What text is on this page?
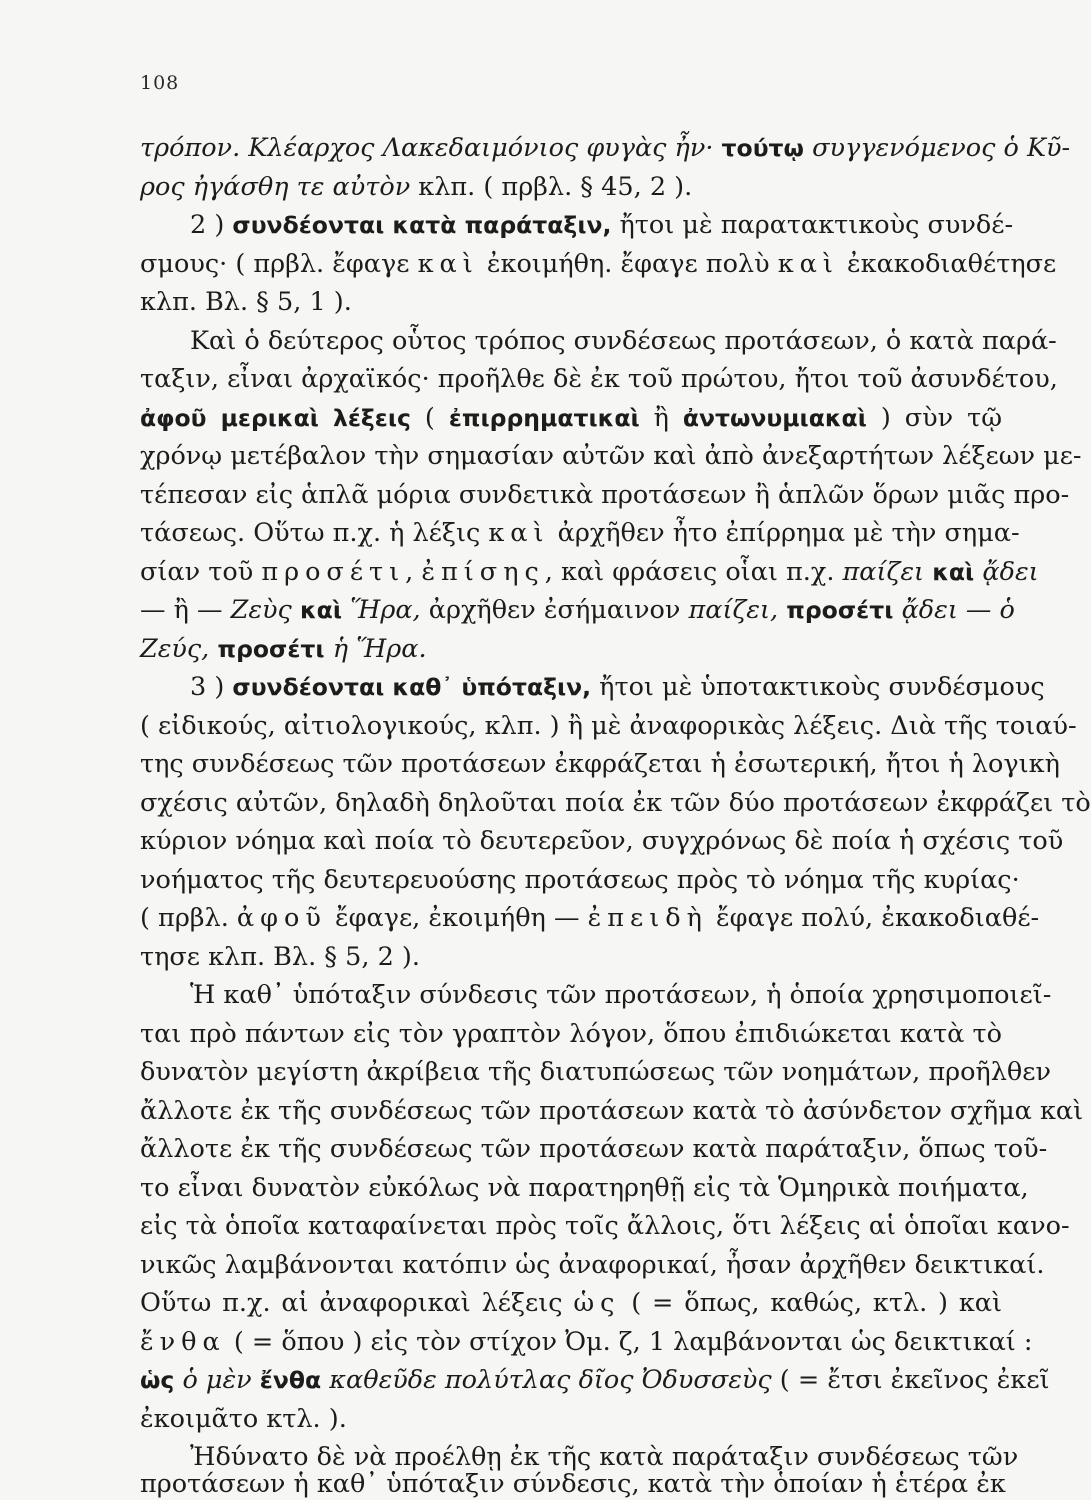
108
τρόπον. Κλέαρχος Λακεδαιμόνιος φυγὰς ἦν· τούτῳ συγγενόμενος ὁ Κῦ-
ρος ἠγάσθη τε αὐτὸν κλπ. ( πρβλ. § 45, 2 ).
2 ) συνδέονται κατὰ παράταξιν, ἤτοι μὲ παρατακτικοὺς συνδέ-
σμους· ( πρβλ. ἔφαγε καὶ ἐκοιμήθη. ἔφαγε πολὺ καὶ ἐκακοδιαθέτησε
κλπ. Βλ. § 5, 1 ).
Καὶ ὁ δεύτερος οὗτος τρόπος συνδέσεως προτάσεων, ὁ κατὰ παρά-
ταξιν, εἶναι ἀρχαϊκός· προῆλθε δὲ ἐκ τοῦ πρώτου, ἤτοι τοῦ ἀσυνδέτου,
ἀφοῦ μερικαὶ λέξεις ( ἐπιρρηματικαὶ ἢ ἀντωνυμιακαὶ ) σὺν τῷ
χρόνῳ μετέβαλον τὴν σημασίαν αὐτῶν καὶ ἀπὸ ἀνεξαρτήτων λέξεων με-
τέπεσαν εἰς ἁπλᾶ μόρια συνδετικὰ προτάσεων ἢ ἁπλῶν ὅρων μιᾶς προ-
τάσεως. Οὕτω π.χ. ἡ λέξις καὶ ἀρχῆθεν ἦτο ἐπίρρημα μὲ τὴν σημα-
σίαν τοῦ προσέτι, ἐπίσης, καὶ φράσεις οἷαι π.χ. παίζει καὶ ᾄδει
— ἢ — Ζεὺς καὶ Ἥρα, ἀρχῆθεν ἐσήμαινον παίζει, προσέτι ᾄδει — ὁ
Ζεύς, προσέτι ἡ Ἥρα.
3 ) συνδέονται καθ᾽ ὑπόταξιν, ἤτοι μὲ ὑποτακτικοὺς συνδέσμους
( εἰδικούς, αἰτιολογικούς, κλπ. ) ἢ μὲ ἀναφορικὰς λέξεις. Διὰ τῆς τοιαύ-
της συνδέσεως τῶν προτάσεων ἐκφράζεται ἡ ἐσωτερική, ἤτοι ἡ λογικὴ
σχέσις αὐτῶν, δηλαδὴ δηλοῦται ποία ἐκ τῶν δύο προτάσεων ἐκφράζει τὸ
κύριον νόημα καὶ ποία τὸ δευτερεῦον, συγχρόνως δὲ ποία ἡ σχέσις τοῦ
νοήματος τῆς δευτερευούσης προτάσεως πρὸς τὸ νόημα τῆς κυρίας·
( πρβλ. ἀφοῦ ἔφαγε, ἐκοιμήθη — ἐπειδὴ ἔφαγε πολύ, ἐκακοδιαθέ-
τησε κλπ. Βλ. § 5, 2 ).
Ἡ καθ᾽ ὑπόταξιν σύνδεσις τῶν προτάσεων, ἡ ὁποία χρησιμοποιεῖ-
ται πρὸ πάντων εἰς τὸν γραπτὸν λόγον, ὅπου ἐπιδιώκεται κατὰ τὸ
δυνατὸν μεγίστη ἀκρίβεια τῆς διατυπώσεως τῶν νοημάτων, προῆλθεν
ἄλλοτε ἐκ τῆς συνδέσεως τῶν προτάσεων κατὰ τὸ ἀσύνδετον σχῆμα καὶ
ἄλλοτε ἐκ τῆς συνδέσεως τῶν προτάσεων κατὰ παράταξιν, ὅπως τοῦ-
το εἶναι δυνατὸν εὐκόλως νὰ παρατηρηθῇ εἰς τὰ Ὁμηρικὰ ποιήματα,
εἰς τὰ ὁποῖα καταφαίνεται πρὸς τοῖς ἄλλοις, ὅτι λέξεις αἱ ὁποῖαι κανο-
νικῶς λαμβάνονται κατόπιν ὡς ἀναφορικαί, ἦσαν ἀρχῆθεν δεικτικαί.
Οὕτω π.χ. αἱ ἀναφορικαὶ λέξεις ὡς ( = ὅπως, καθώς, κτλ. ) καὶ
ἔνθα ( = ὅπου ) εἰς τὸν στίχον Ὀμ. ζ, 1 λαμβάνονται ὡς δεικτικαί :
ὡς ὁ μὲν ἔνθα καθεῦδε πολύτλας δῖος Ὀδυσσεὺς ( = ἔτσι ἐκεῖνος ἐκεῖ
ἐκοιμᾶτο κτλ. ).
Ἠδύνατο δὲ νὰ προέλθῃ ἐκ τῆς κατὰ παράταξιν συνδέσεως τῶν
προτάσεων ἡ καθ᾽ ὑπόταξιν σύνδεσις, κατὰ τὴν ὁποίαν ἡ ἑτέρα ἐκ
